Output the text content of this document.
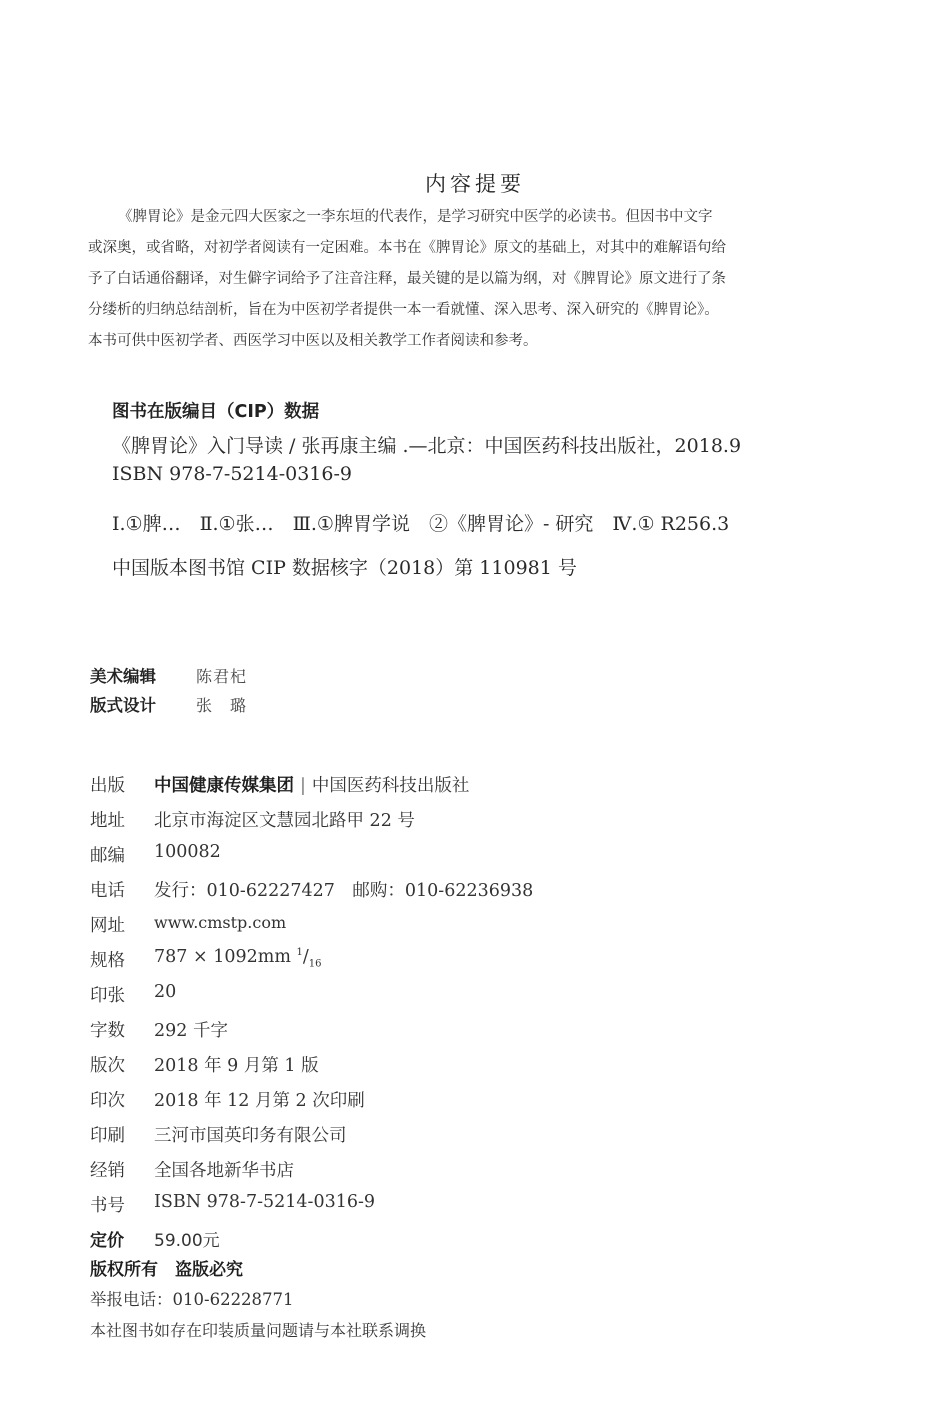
内容提要
《脾胃论》是金元四大医家之一李东垣的代表作，是学习研究中医学的必读书。但因书中文字
或深奥，或省略，对初学者阅读有一定困难。本书在《脾胃论》原文的基础上，对其中的难解语句给
予了白话通俗翻译，对生僻字词给予了注音注释，最关键的是以篇为纲，对《脾胃论》原文进行了条
分缕析的归纳总结剖析，旨在为中医初学者提供一本一看就懂、深入思考、深入研究的《脾胃论》。
本书可供中医初学者、西医学习中医以及相关教学工作者阅读和参考。
图书在版编目（CIP）数据
《脾胃论》入门导读 / 张再康主编 .—北京：中国医药科技出版社，2018.9
ISBN 978-7-5214-0316-9
Ⅰ.①脾…　Ⅱ.①张…　Ⅲ.①脾胃学说　②《脾胃论》- 研究　Ⅳ.① R256.3
中国版本图书馆 CIP 数据核字（2018）第 110981 号
美术编辑	陈君杞
版式设计	张　璐
出版 中国健康传媒集团 | 中国医药科技出版社
地址 北京市海淀区文慧园北路甲 22 号
邮编 100082
电话 发行：010-62227427　邮购：010-62236938
网址 www.cmstp.com
规格 787 × 1092mm $^1/_{16}$
印张 20
字数 292 千字
版次 2018 年 9 月第 1 版
印次 2018 年 12 月第 2 次印刷
印刷 三河市国英印务有限公司
经销 全国各地新华书店
书号 ISBN 978-7-5214-0316-9
定价 59.00元
版权所有　盗版必究
举报电话：010-62228771
本社图书如存在印装质量问题请与本社联系调换
